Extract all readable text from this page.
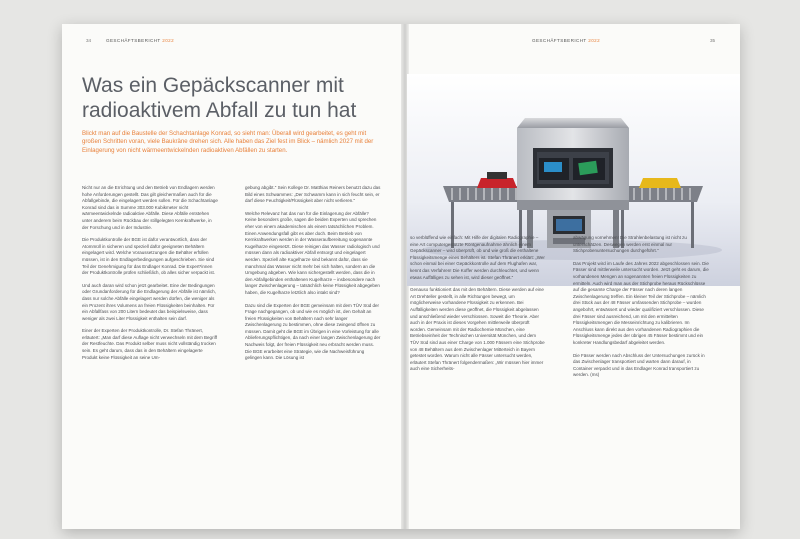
34	GESCHÄFTSBERICHT 2022
Was ein Gepäckscanner mit radioaktivem Abfall zu tun hat

Blickt man auf die Baustelle der Schachtanlage Konrad, so sieht man: Überall wird gearbeitet, es geht mit großen Schritten voran, viele Baukräne drehen sich. Alle haben das Ziel fest im Blick – nämlich 2027 mit der Einlagerung von nicht wärmeentwickelnden radioaktiven Abfällen zu starten.

Nicht nur an die Errichtung und den Betrieb von Endlagern werden hohe Anforderungen gestellt. Das gilt gleichermaßen auch für die Abfallgebinde, die eingelagert werden sollen. Für die Schachtanlage Konrad sind das in Summe 303.000 Kubikmeter nicht wärmeentwickelnde radioaktive Abfälle. Diese Abfälle entstehen unter anderem beim Rückbau der stillgelegten Kernkraftwerke, in der Forschung und in der Industrie.

Die Produktkontrolle der BGE ist dafür verantwortlich, dass der Atommüll in sicheren und speziell dafür geeigneten Behältern eingelagert wird. Welche Voraussetzungen die Behälter erfüllen müssen, ist in den Endlagerbedingungen aufgeschrieben. Sie sind Teil der Genehmigung für das Endlager Konrad. Die Expert*innen der Produktkontrolle prüfen schließlich, ob alles sicher verpackt ist.

Und auch daran wird schon jetzt gearbeitet. Eine der Bedingungen oder Grundanforderung für die Endlagerung der Abfälle ist nämlich, dass nur solche Abfälle eingelagert werden dürfen, die weniger als ein Prozent ihres Volumens an freien Flüssigkeiten beinhalten. Für ein Abfallfass von 200 Litern bedeutet das beispielsweise, dass weniger als zwei Liter Flüssigkeit enthalten sein darf.

Einer der Experten der Produktkontrolle, Dr. Stefan Thränert, erläutert: „Man darf diese Auflage nicht verwechseln mit dem Begriff der Restfeuchte. Das Produkt selber muss nicht vollständig trocken sein. Es geht darum, dass das in den Behältern eingelagerte Produkt keine Flüssigkeit an seine Um-

gebung abgibt." Sein Kollege Dr. Matthias Reiners benutzt dazu das Bild eines Schwammes: „Der Schwamm kann in sich feucht sein, er darf diese Feuchtigkeit/Flüssigkeit aber nicht verlieren."

Welche Relevanz hat das nun für die Einlagerung der Abfälle? Keine besonders große, sagen die beiden Experten und sprechen eher von einem akademischen als einem tatsächlichen Problem. Einen Anwendungsfall gibt es aber doch. Beim Betrieb von Kernkraftwerken werden in der Wasseraufbereitung sogenannte Kugelharze eingesetzt. Diese reinigen das Wasser radiologisch und müssen dann als radioaktiver Abfall entsorgt und eingelagert werden. Speziell alte Kugelharze sind bekannt dafür, dass sie manchmal das Wasser nicht mehr bei sich halten, sondern an die Umgebung abgeben. Wie kann sichergestellt werden, dass die in den Abfallgebinden enthaltenen Kugelharze – insbesondere nach langer Zwischenlagerung – tatsächlich keine Flüssigkeit abgegeben haben, die Kugelharze letztlich also intakt sind?

Dazu sind die Experten der BGE gemeinsam mit dem TÜV Süd der Frage nachgegangen, ob und wie es möglich ist, den Gehalt an freien Flüssigkeiten von Behältern nach sehr langer Zwischenlagerung zu bestimmen, ohne diese zwingend öffnen zu müssen. Damit geht die BGE im Übrigen in eine Vorleistung für alle Ablieferungspflichtigen, da nach einer langen Zwischenlagerung der Nachweis folgt, der freien Flüssigkeit neu erbracht werden muss. Die BGE erarbeitet eine Strategie, wie die Nachweisführung gelingen kann. Die Lösung ist

GESCHÄFTSBERICHT 2022	35

so verblüffend wie einfach: Mit Hilfe der digitalen Radiographie – eine Art computergestützte Röntgenaufnahme ähnlich einem Gepäckscanner – wird überprüft, ob und wie groß die enthaltene Flüssigkeitsmenge eines Behälters ist. Stefan Thränert erklärt: „Wer schon einmal bei einer Gepäckkontrolle auf dem Flughafen war, kennt das Verfahren! Die Koffer werden durchleuchtet, und wenn etwas Auffälliges zu sehen ist, wird dieser geöffnet."

Genauso funktioniert das mit den Behältern. Diese werden auf eine Art Drehteller gestellt, in alle Richtungen bewegt, um möglicherweise vorhandene Flüssigkeit zu erkennen. Bei Auffälligkeiten werden diese geöffnet, die Flüssigkeit abgelassen und anschließend wieder verschlossen. Soweit die Theorie. Aber auch in der Praxis ist dieses Vorgehen mittlerweile überprüft worden. Gemeinsam mit der Radiochemie München, eine Betriebseinheit der Technischen Universität München, und dem TÜV Süd sind aus einer Charge von 1.000 Fässern eine Stichprobe von 48 Behältern aus dem Zwischenlager Mitterteich in Bayern getestet worden. Warum nicht alle Fässer untersucht werden, erläutert Stefan Thränert folgendermaßen: „Wir müssen hier immer auch eine Sicherheits-

abwägung vornehmen! Die Strahlenbelastung ist nicht zu unterschätzen. Deswegen werden erst einmal nur Stichprobenuntersuchungen durchgeführt."

Das Projekt wird im Laufe des Jahres 2022 abgeschlossen sein. Die Fässer sind mittlerweile untersucht worden. Jetzt geht es darum, die vorhandenen Mengen an sogenannten freien Flüssigkeiten zu ermitteln. Auch wird man aus der Stichprobe heraus Rückschlüsse auf die gesamte Charge der Fässer nach deren langen Zwischenlagerung treffen. Ein kleiner Teil der Stichprobe – nämlich drei Stück aus der 48 Fässer umfassenden Stichprobe – wurden angebohrt, entwässert und wieder qualifiziert verschlossen. Diese drei Fässer sind ausreichend, um mit den ermittelten Flüssigkeitsmengen die Messeinrichtung zu kalibrieren. Im Anschluss kann direkt aus den vorhandenen Radiographien die Flüssigkeitsmenge jedes der übrigen 45 Fässer bestimmt und ein konkreter Handlungsbedarf abgeleitet werden.

Die Fässer werden nach Abschluss der Untersuchungen zurück in das Zwischenlager transportiert und warten dann darauf, in Container verpackt und in das Endlager Konrad transportiert zu werden. (ms)
